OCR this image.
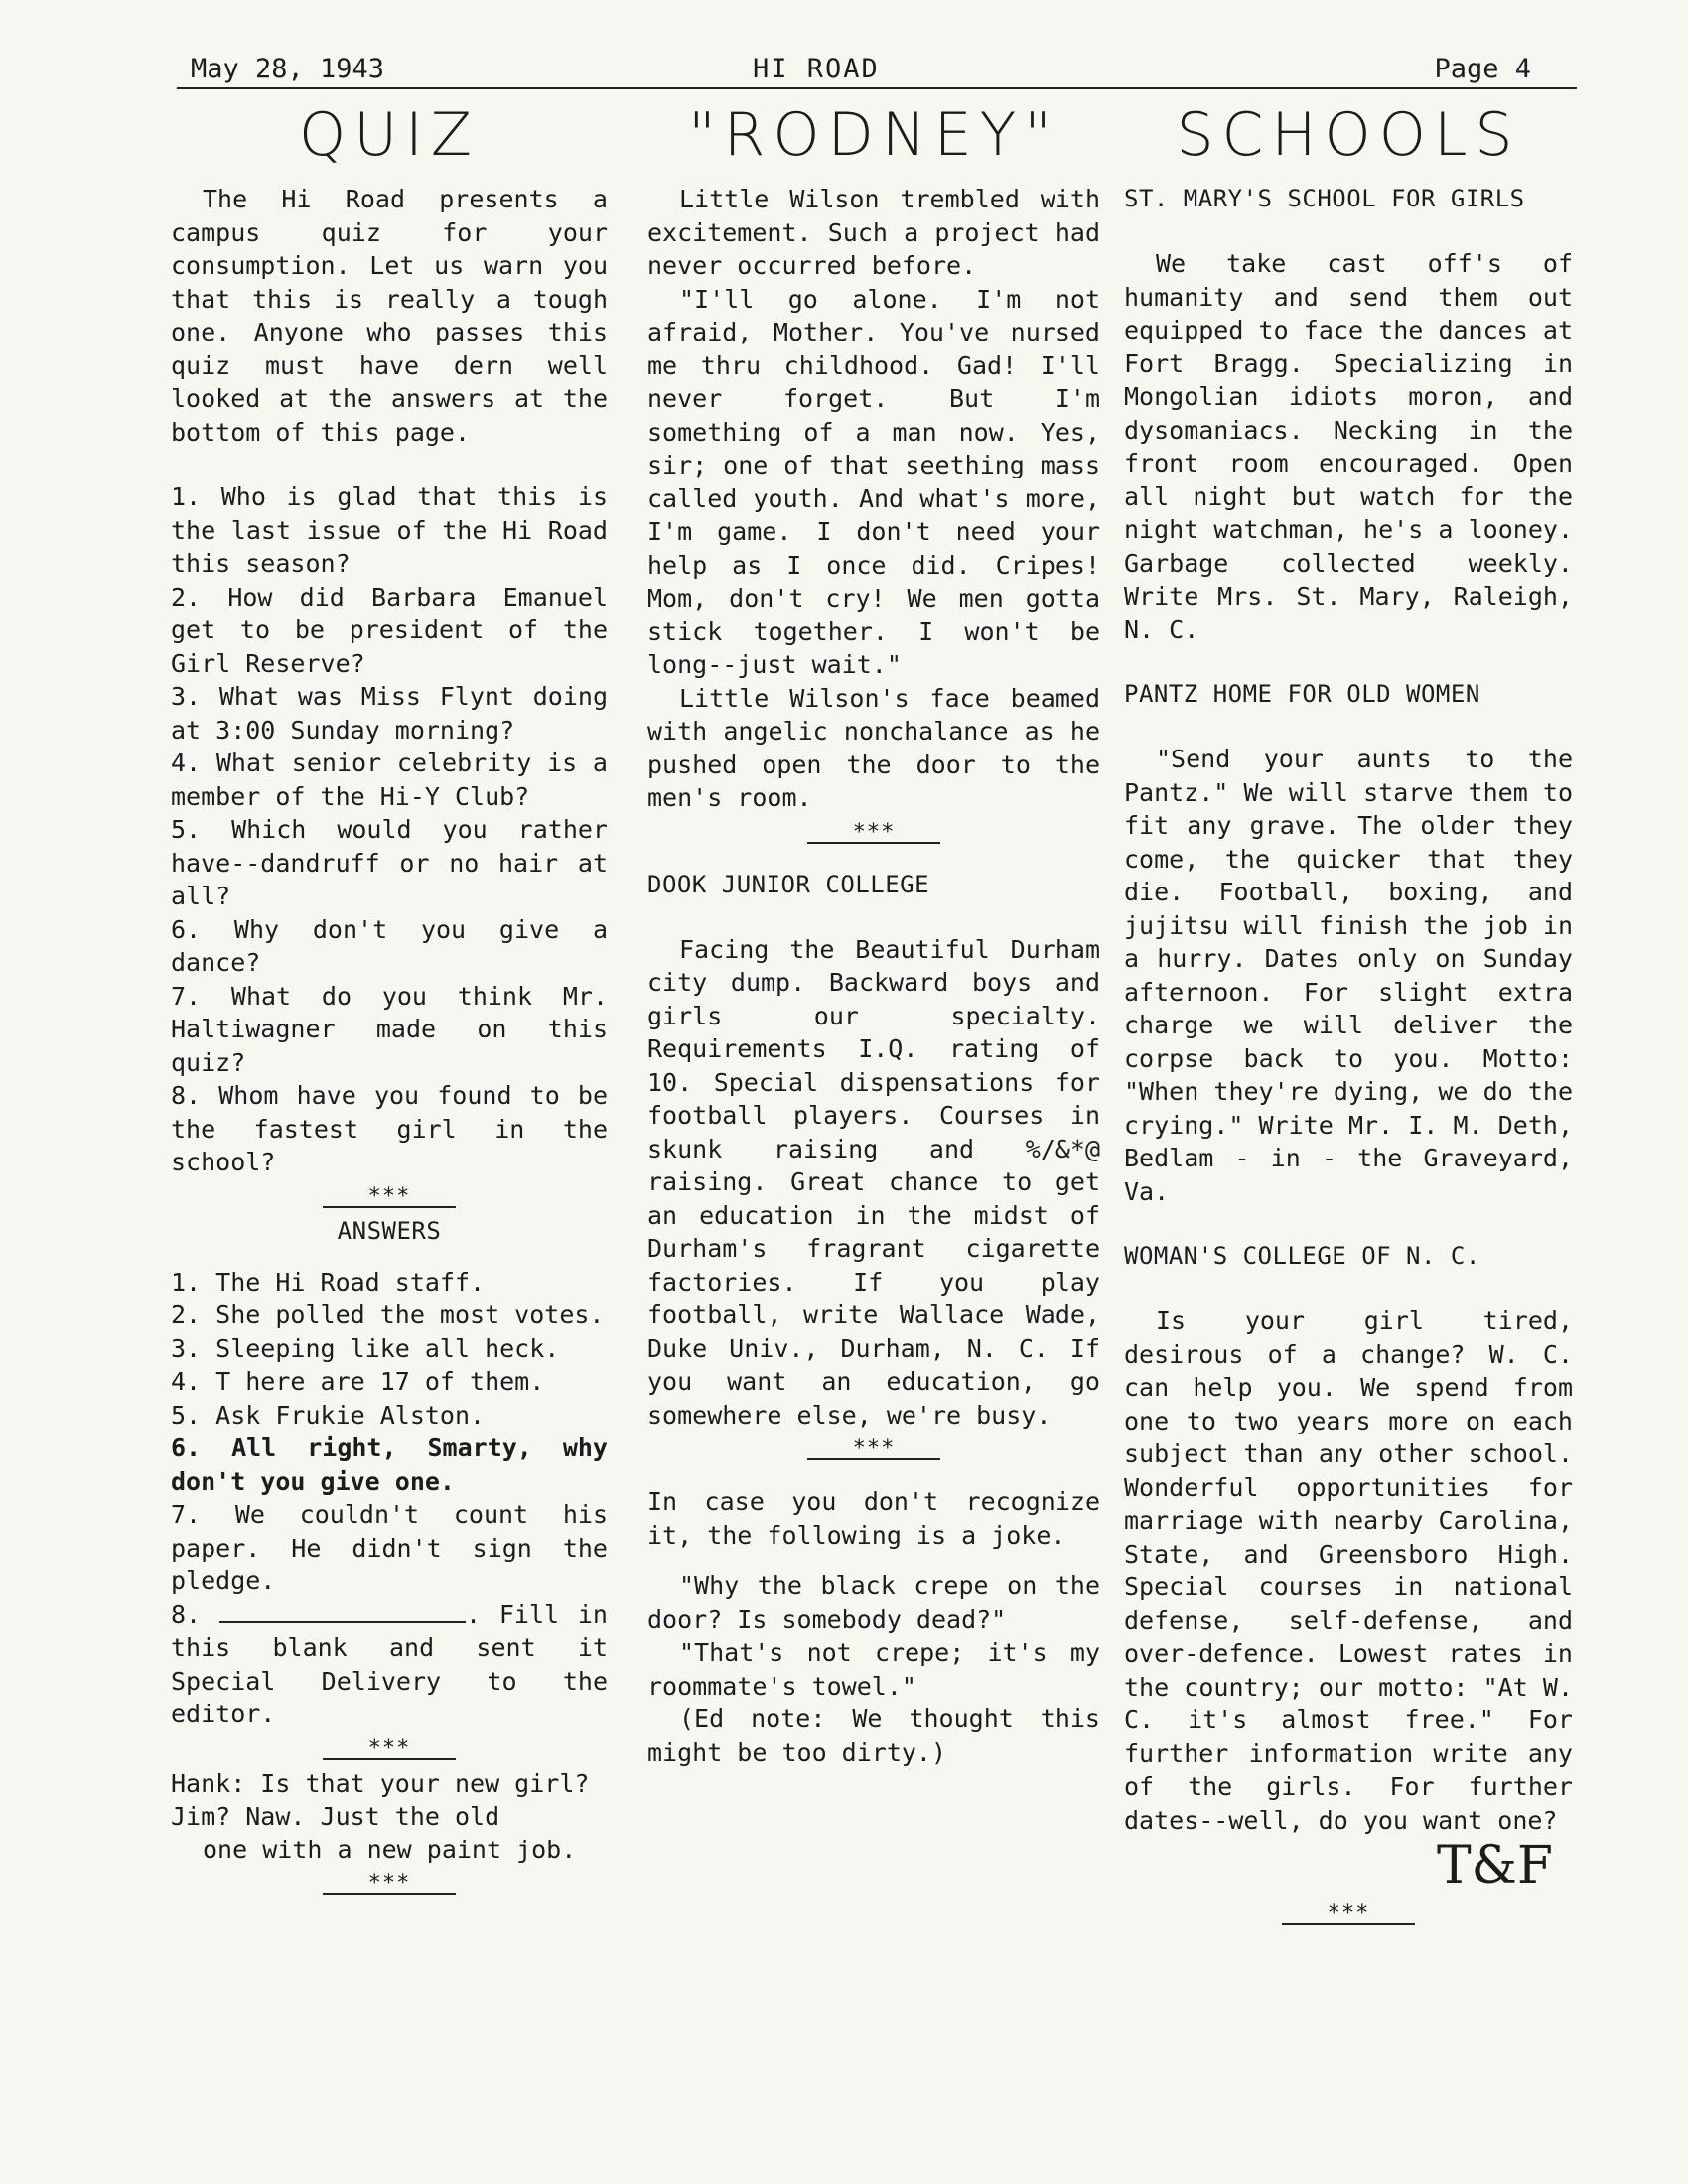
May 28, 1943	HI ROAD	Page 4
QUIZ

The Hi Road presents a campus quiz for your consumption. Let us warn you that this is really a tough one. Anyone who passes this quiz must have dern well looked at the answers at the bottom of this page.

1. Who is glad that this is the last issue of the Hi Road this season?

2. How did Barbara Emanuel get to be president of the Girl Reserve?

3. What was Miss Flynt doing at 3:00 Sunday morning?

4. What senior celebrity is a member of the Hi-Y Club?

5. Which would you rather have--dandruff or no hair at all?

6. Why don't you give a dance?

7. What do you think Mr. Haltiwagner made on this quiz?

8. Whom have you found to be the fastest girl in the school?

***

ANSWERS

1. The Hi Road staff.

2. She polled the most votes.

3. Sleeping like all heck.

4. T here are 17 of them.

5. Ask Frukie Alston.

6. All right, Smarty, why don't you give one.

7. We couldn't count his paper. He didn't sign the pledge.

8.	. Fill in this blank and sent it Special Delivery to the editor.

***

Hank: Is that your new girl?

Jim? Naw. Just the old

one with a new paint job.

***
"RODNEY"

Little Wilson trembled with excitement. Such a project had never occurred before.

"I'll go alone. I'm not afraid, Mother. You've nursed me thru childhood. Gad! I'll never forget. But I'm something of a man now. Yes, sir; one of that seething mass called youth. And what's more, I'm game. I don't need your help as I once did. Cripes! Mom, don't cry! We men gotta stick together. I won't be long--just wait."

Little Wilson's face beamed with angelic nonchalance as he pushed open the door to the men's room.

***

DOOK JUNIOR COLLEGE

Facing the Beautiful Durham city dump. Backward boys and girls our specialty. Requirements I.Q. rating of 10. Special dispensations for football players. Courses in skunk raising and %/&*@ raising. Great chance to get an education in the midst of Durham's fragrant cigarette factories. If you play football, write Wallace Wade, Duke Univ., Durham, N. C. If you want an education, go somewhere else, we're busy.

***

In case you don't recognize it, the following is a joke.

"Why the black crepe on the door? Is somebody dead?"

"That's not crepe; it's my roommate's towel."

(Ed note: We thought this might be too dirty.)

SCHOOLS

ST. MARY'S SCHOOL FOR GIRLS

We take cast off's of humanity and send them out equipped to face the dances at Fort Bragg. Specializing in Mongolian idiots moron, and dysomaniacs. Necking in the front room encouraged. Open all night but watch for the night watchman, he's a looney. Garbage collected weekly. Write Mrs. St. Mary, Raleigh, N. C.

PANTZ HOME FOR OLD WOMEN

"Send your aunts to the Pantz." We will starve them to fit any grave. The older they come, the quicker that they die. Football, boxing, and jujitsu will finish the job in a hurry. Dates only on Sunday afternoon. For slight extra charge we will deliver the corpse back to you. Motto: "When they're dying, we do the crying." Write Mr. I. M. Deth, Bedlam - in - the Graveyard, Va.

WOMAN'S COLLEGE OF N. C.

Is your girl tired, desirous of a change? W. C. can help you. We spend from one to two years more on each subject than any other school. Wonderful opportunities for marriage with nearby Carolina, State, and Greensboro High. Special courses in national defense, self-defense, and over-defence. Lowest rates in the country; our motto: "At W. C. it's almost free." For further information write any of the girls. For further dates--well, do you want one?

T&F
***
